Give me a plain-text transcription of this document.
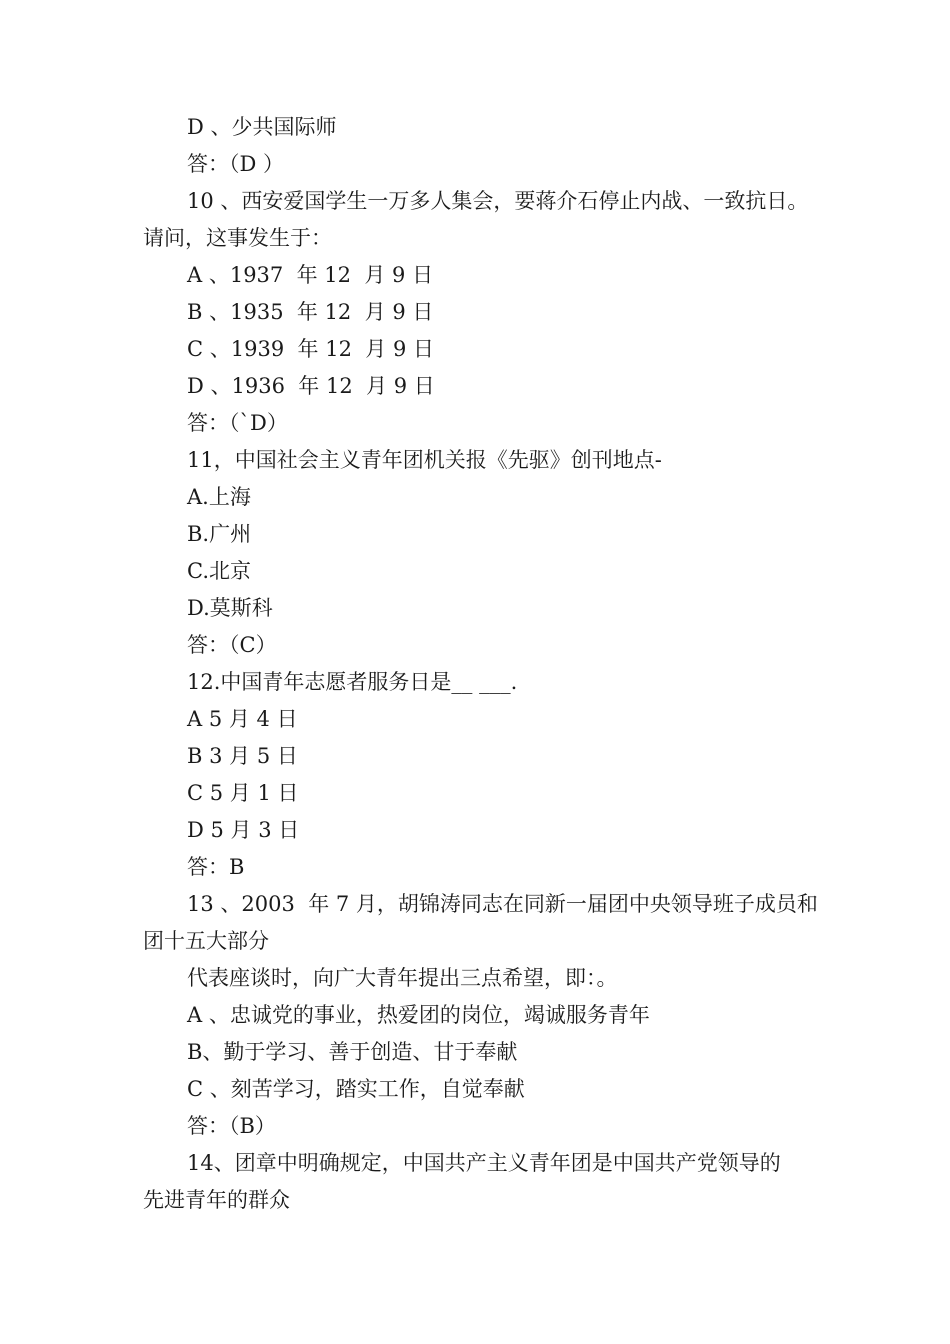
D 、少共国际师
答：（D ）
10 、西安爱国学生一万多人集会，要蒋介石停止内战、一致抗日。
请问，这事发生于：
A 、1937  年 12  月 9 日
B 、1935  年 12  月 9 日
C 、1939  年 12  月 9 日
D 、1936  年 12  月 9 日
答：（`D）
11，中国社会主义青年团机关报《先驱》创刊地点-
A.上海
B.广州
C.北京
D.莫斯科
答：（C）
12.中国青年志愿者服务日是__ ___.
A 5 月 4 日
B 3 月 5 日
C 5 月 1 日
D 5 月 3 日
答：B
13 、2003  年 7 月，胡锦涛同志在同新一届团中央领导班子成员和
团十五大部分
代表座谈时，向广大青年提出三点希望，即：。
A 、忠诚党的事业，热爱团的岗位，竭诚服务青年
B、勤于学习、善于创造、甘于奉献
C 、刻苦学习，踏实工作，自觉奉献
答：（B）
14、团章中明确规定，中国共产主义青年团是中国共产党领导的
先进青年的群众
